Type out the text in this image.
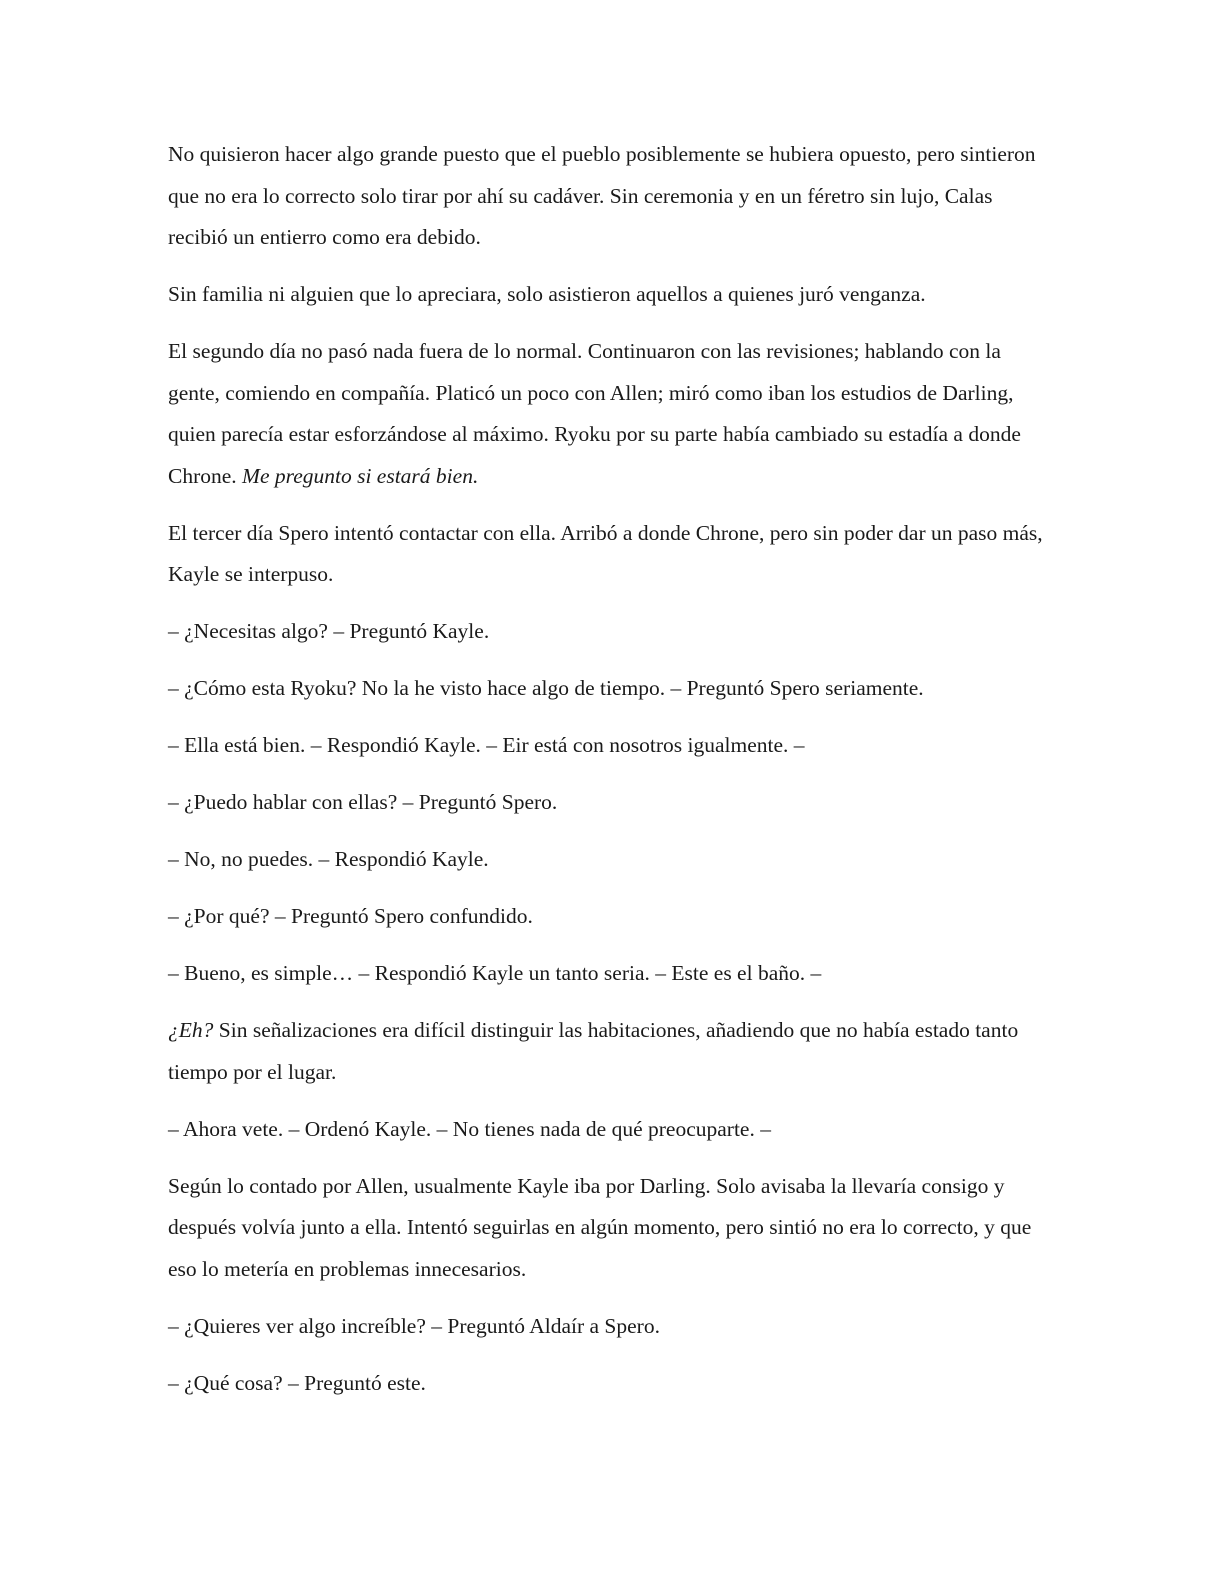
No quisieron hacer algo grande puesto que el pueblo posiblemente se hubiera opuesto, pero sintieron que no era lo correcto solo tirar por ahí su cadáver. Sin ceremonia y en un féretro sin lujo, Calas recibió un entierro como era debido.

Sin familia ni alguien que lo apreciara, solo asistieron aquellos a quienes juró venganza.

El segundo día no pasó nada fuera de lo normal. Continuaron con las revisiones; hablando con la gente, comiendo en compañía. Platicó un poco con Allen; miró como iban los estudios de Darling, quien parecía estar esforzándose al máximo. Ryoku por su parte había cambiado su estadía a donde Chrone. Me pregunto si estará bien.

El tercer día Spero intentó contactar con ella. Arribó a donde Chrone, pero sin poder dar un paso más, Kayle se interpuso.

– ¿Necesitas algo? – Preguntó Kayle.

– ¿Cómo esta Ryoku? No la he visto hace algo de tiempo. – Preguntó Spero seriamente.

– Ella está bien. – Respondió Kayle. – Eir está con nosotros igualmente. –

– ¿Puedo hablar con ellas? – Preguntó Spero.

– No, no puedes. – Respondió Kayle.

– ¿Por qué? – Preguntó Spero confundido.

– Bueno, es simple… – Respondió Kayle un tanto seria. – Este es el baño. –

¿Eh? Sin señalizaciones era difícil distinguir las habitaciones, añadiendo que no había estado tanto tiempo por el lugar.

– Ahora vete. – Ordenó Kayle. – No tienes nada de qué preocuparte. –

Según lo contado por Allen, usualmente Kayle iba por Darling. Solo avisaba la llevaría consigo y después volvía junto a ella. Intentó seguirlas en algún momento, pero sintió no era lo correcto, y que eso lo metería en problemas innecesarios.

– ¿Quieres ver algo increíble? – Preguntó Aldaír a Spero.

– ¿Qué cosa? – Preguntó este.
